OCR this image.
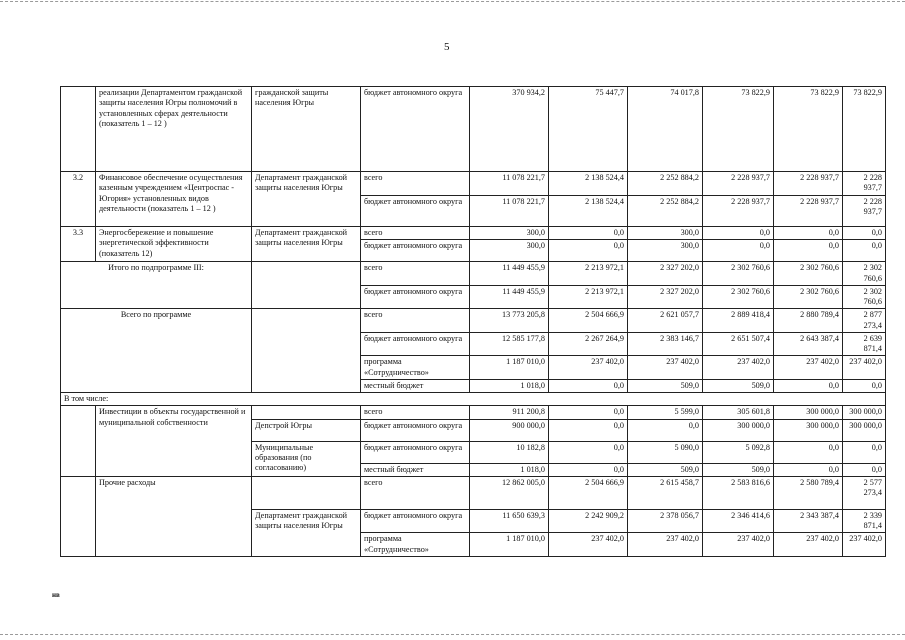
5
	реализации Департаментом гражданской защиты населения Югры полномочий в установленных сферах деятельности (показатель 1 – 12 )	гражданской защиты населения Югры	бюджет автономного округа	370 934,2	75 447,7	74 017,8	73 822,9	73 822,9	73 822,9
3.2	Финансовое обеспечение осуществления казенным учреждением «Центроспас - Югория» установленных видов деятельности (показатель 1 – 12 )	Департамент гражданской защиты населения Югры	всего	11 078 221,7	2 138 524,4	2 252 884,2	2 228 937,7	2 228 937,7	2 228 937,7
			бюджет автономного округа	11 078 221,7	2 138 524,4	2 252 884,2	2 228 937,7	2 228 937,7	2 228 937,7
3.3	Энергосбережение и повышение энергетической эффективности (показатель 12)	Департамент гражданской защиты населения Югры	всего	300,0	0,0	300,0	0,0	0,0	0,0
			бюджет автономного округа	300,0	0,0	300,0	0,0	0,0	0,0
Итого по подпрограмме III:			всего	11 449 455,9	2 213 972,1	2 327 202,0	2 302 760,6	2 302 760,6	2 302 760,6
			бюджет автономного округа	11 449 455,9	2 213 972,1	2 327 202,0	2 302 760,6	2 302 760,6	2 302 760,6
Всего по программе			всего	13 773 205,8	2 504 666,9	2 621 057,7	2 889 418,4	2 880 789,4	2 877 273,4
			бюджет автономного округа	12 585 177,8	2 267 264,9	2 383 146,7	2 651 507,4	2 643 387,4	2 639 871,4
			программа «Сотрудничество»	1 187 010,0	237 402,0	237 402,0	237 402,0	237 402,0	237 402,0
			местный бюджет	1 018,0	0,0	509,0	509,0	0,0	0,0
В том числе:									
	Инвестиции в объекты государственной и муниципальной собственности		всего	911 200,8	0,0	5 599,0	305 601,8	300 000,0	300 000,0
		Депстрой Югры	бюджет автономного округа	900 000,0	0,0	0,0	300 000,0	300 000,0	300 000,0
		Муниципальные образования (по согласованию)	бюджет автономного округа	10 182,8	0,0	5 090,0	5 092,8	0,0	0,0
			местный бюджет	1 018,0	0,0	509,0	509,0	0,0	0,0
	Прочие расходы		всего	12 862 005,0	2 504 666,9	2 615 458,7	2 583 816,6	2 580 789,4	2 577 273,4
		Департамент гражданской защиты населения Югры	бюджет автономного округа	11 650 639,3	2 242 909,2	2 378 056,7	2 346 414,6	2 343 387,4	2 339 871,4
			программа «Сотрудничество»	1 187 010,0	237 402,0	237 402,0	237 402,0	237 402,0	237 402,0
нв
